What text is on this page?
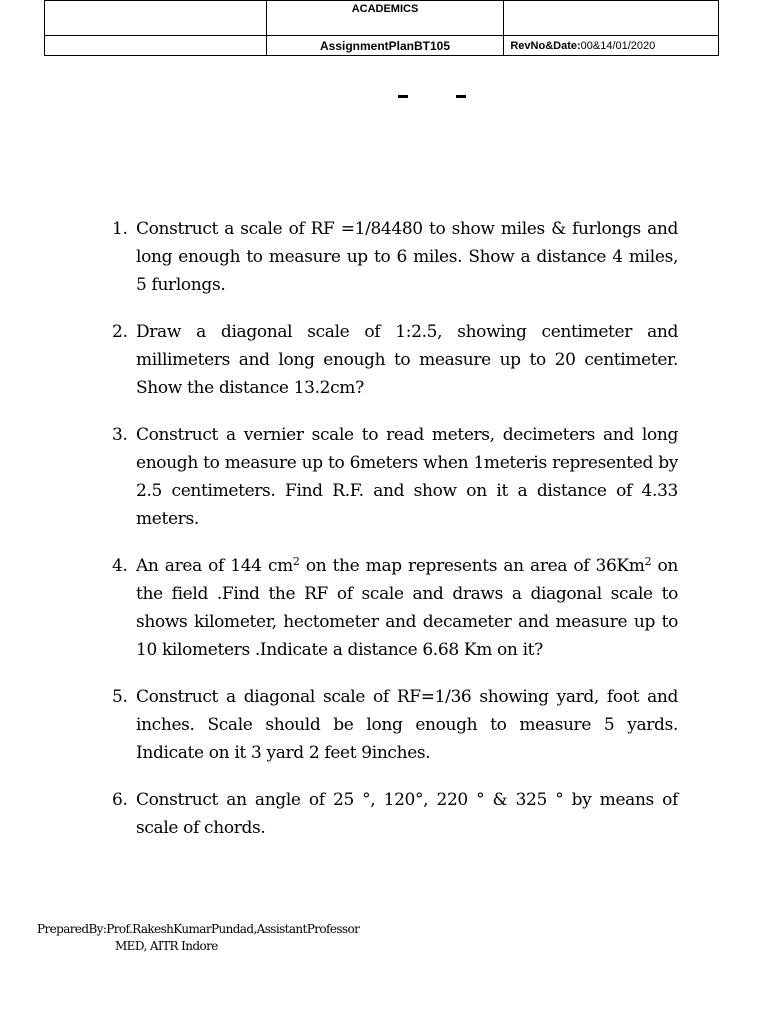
	ACADEMICS	
	AssignmentPlanBT105	RevNo&Date:00&14/01/2020
1. Construct a scale of RF =1/84480 to show miles & furlongs and long enough to measure up to 6 miles. Show a distance 4 miles, 5 furlongs.
2. Draw a diagonal scale of 1:2.5, showing centimeter and millimeters and long enough to measure up to 20 centimeter. Show the distance 13.2cm?
3. Construct a vernier scale to read meters, decimeters and long enough to measure up to 6meters when 1meteris represented by 2.5 centimeters. Find R.F. and show on it a distance of 4.33 meters.
4. An area of 144 $cm^2$ on the map represents an area of 36Km$^2$ on the field .Find the RF of scale and draws a diagonal scale to shows kilometer, hectometer and decameter and measure up to 10 kilometers .Indicate a distance 6.68 Km on it?
5. Construct a diagonal scale of RF=1/36 showing yard, foot and inches. Scale should be long enough to measure 5 yards. Indicate on it 3 yard 2 feet 9inches.
6. Construct an angle of 25 °, 120°, 220 ° & 325 ° by means of scale of chords.
PreparedBy:Prof.RakeshKumarPundad,AssistantProfessor
MED, AITR Indore
